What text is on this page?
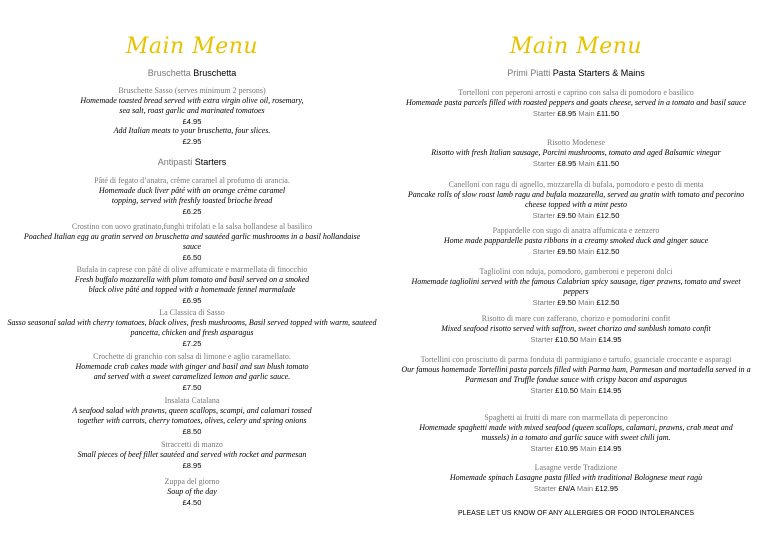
Main Menu
Bruschetta Bruschetta
Bruschette Sasso (serves minimum 2 persons)
Homemade toasted bread served with extra virgin olive oil, rosemary, sea salt, roast garlic and marinated tomatoes
£4.95
Add Italian meats to your bruschetta, four slices.
£2.95
Antipasti Starters
Pâté di fegato d’anatra, crème caramel al profumo di arancia.
Homemade duck liver pâté with an orange crème caramel topping, served with freshly toasted brioche bread
£6.25
Crostino con uovo gratinato,funghi trifolati e la salsa hollandese al basilico
Poached Italian egg au gratin served on bruschetta and sautéed garlic mushrooms in a basil hollandaise sauce
£6.50
Bufala in caprese con pâté di olive affumicate e marmellata di finocchio
Fresh buffalo mozzarella with plum tomato and basil served on a smoked black olive pâté and topped with a homemade fennel marmalade
£6.95
La Classica di Sasso
Sasso seasonal salad with cherry tomatoes, black olives, fresh mushrooms, Basil served topped with warm, sauteed pancetta, chicken and fresh asparagus
£7.25
Crochette di granchio con salsa di limone e aglio caramellato.
Homemade crab cakes made with ginger and basil and sun blush tomato and served with a sweet caramelized lemon and garlic sauce.
£7.50
Insalata Catalana
A seafood salad with prawns, queen scallops, scampi, and calamari tossed together with carrots, cherry tomatoes, olives, celery and spring onions
£8.50
Straccetti di manzo
Small pieces of beef fillet sautéed and served with rocket and parmesan
£8.95
Zuppa del giorno
Soup of the day
£4.50
Main Menu
Primi Piatti Pasta Starters & Mains
Tortelloni con peperoni arrosti e caprino con salsa di pomodoro e basilico
Homemade pasta parcels filled with roasted peppers and goats cheese, served in a tomato and basil sauce
Starter £8.95 Main £11.50
Risotto Modenese
Risotto with fresh Italian sausage, Porcini mushrooms, tomato and aged Balsamic vinegar
Starter £8.95 Main £11.50
Canelloni con ragu di agnello, mozzarella di bufala, pomodoro e pesto di menta
Pancake rolls of slow roast lamb ragu and bufala mozzarella, served au gratin with tomato and pecorino cheese topped with a mint pesto
Starter £9.50 Main £12.50
Pappardelle con sugo di anatra affumicata e zenzero
Home made pappardelle pasta ribbons in a creamy smoked duck and ginger sauce
Starter £9.50 Main £12.50
Tagliolini con nduja, pomodoro, gamberoni e peperoni dolci
Homemade tagliolini served with the famous Calabrian spicy sausage, tiger prawns, tomato and sweet peppers
Starter £9.50 Main £12.50
Risotto di mare con zafferano, chorizo e pomodorini confit
Mixed seafood risotto served with saffron, sweet chorizo and sunblush tomato confit
Starter £10.50 Main £14.95
Tortellini con prosciutto di parma fonduta di parmigiano e tartufo, guanciale croccante e asparagi
Our famous homemade Tortellini pasta parcels filled with Parma ham, Parmesan and mortadella served in a Parmesan and Truffle fondue sauce with crispy bacon and asparagus
Starter £10.50 Main £14.95
Spaghetti ai frutti di mare con marmellata di peperoncino
Homemade spaghetti made with mixed seafood (queen scallops, calamari, prawns, crab meat and mussels) in a tomato and garlic sauce with sweet chili jam.
Starter £10.95 Main £14.95
Lasagne verde Tradizione
Homemade spinach Lasagne pasta filled with traditional Bolognese meat ragù
Starter £N/A Main £12.95
PLEASE LET US KNOW OF ANY ALLERGIES OR FOOD INTOLERANCES
